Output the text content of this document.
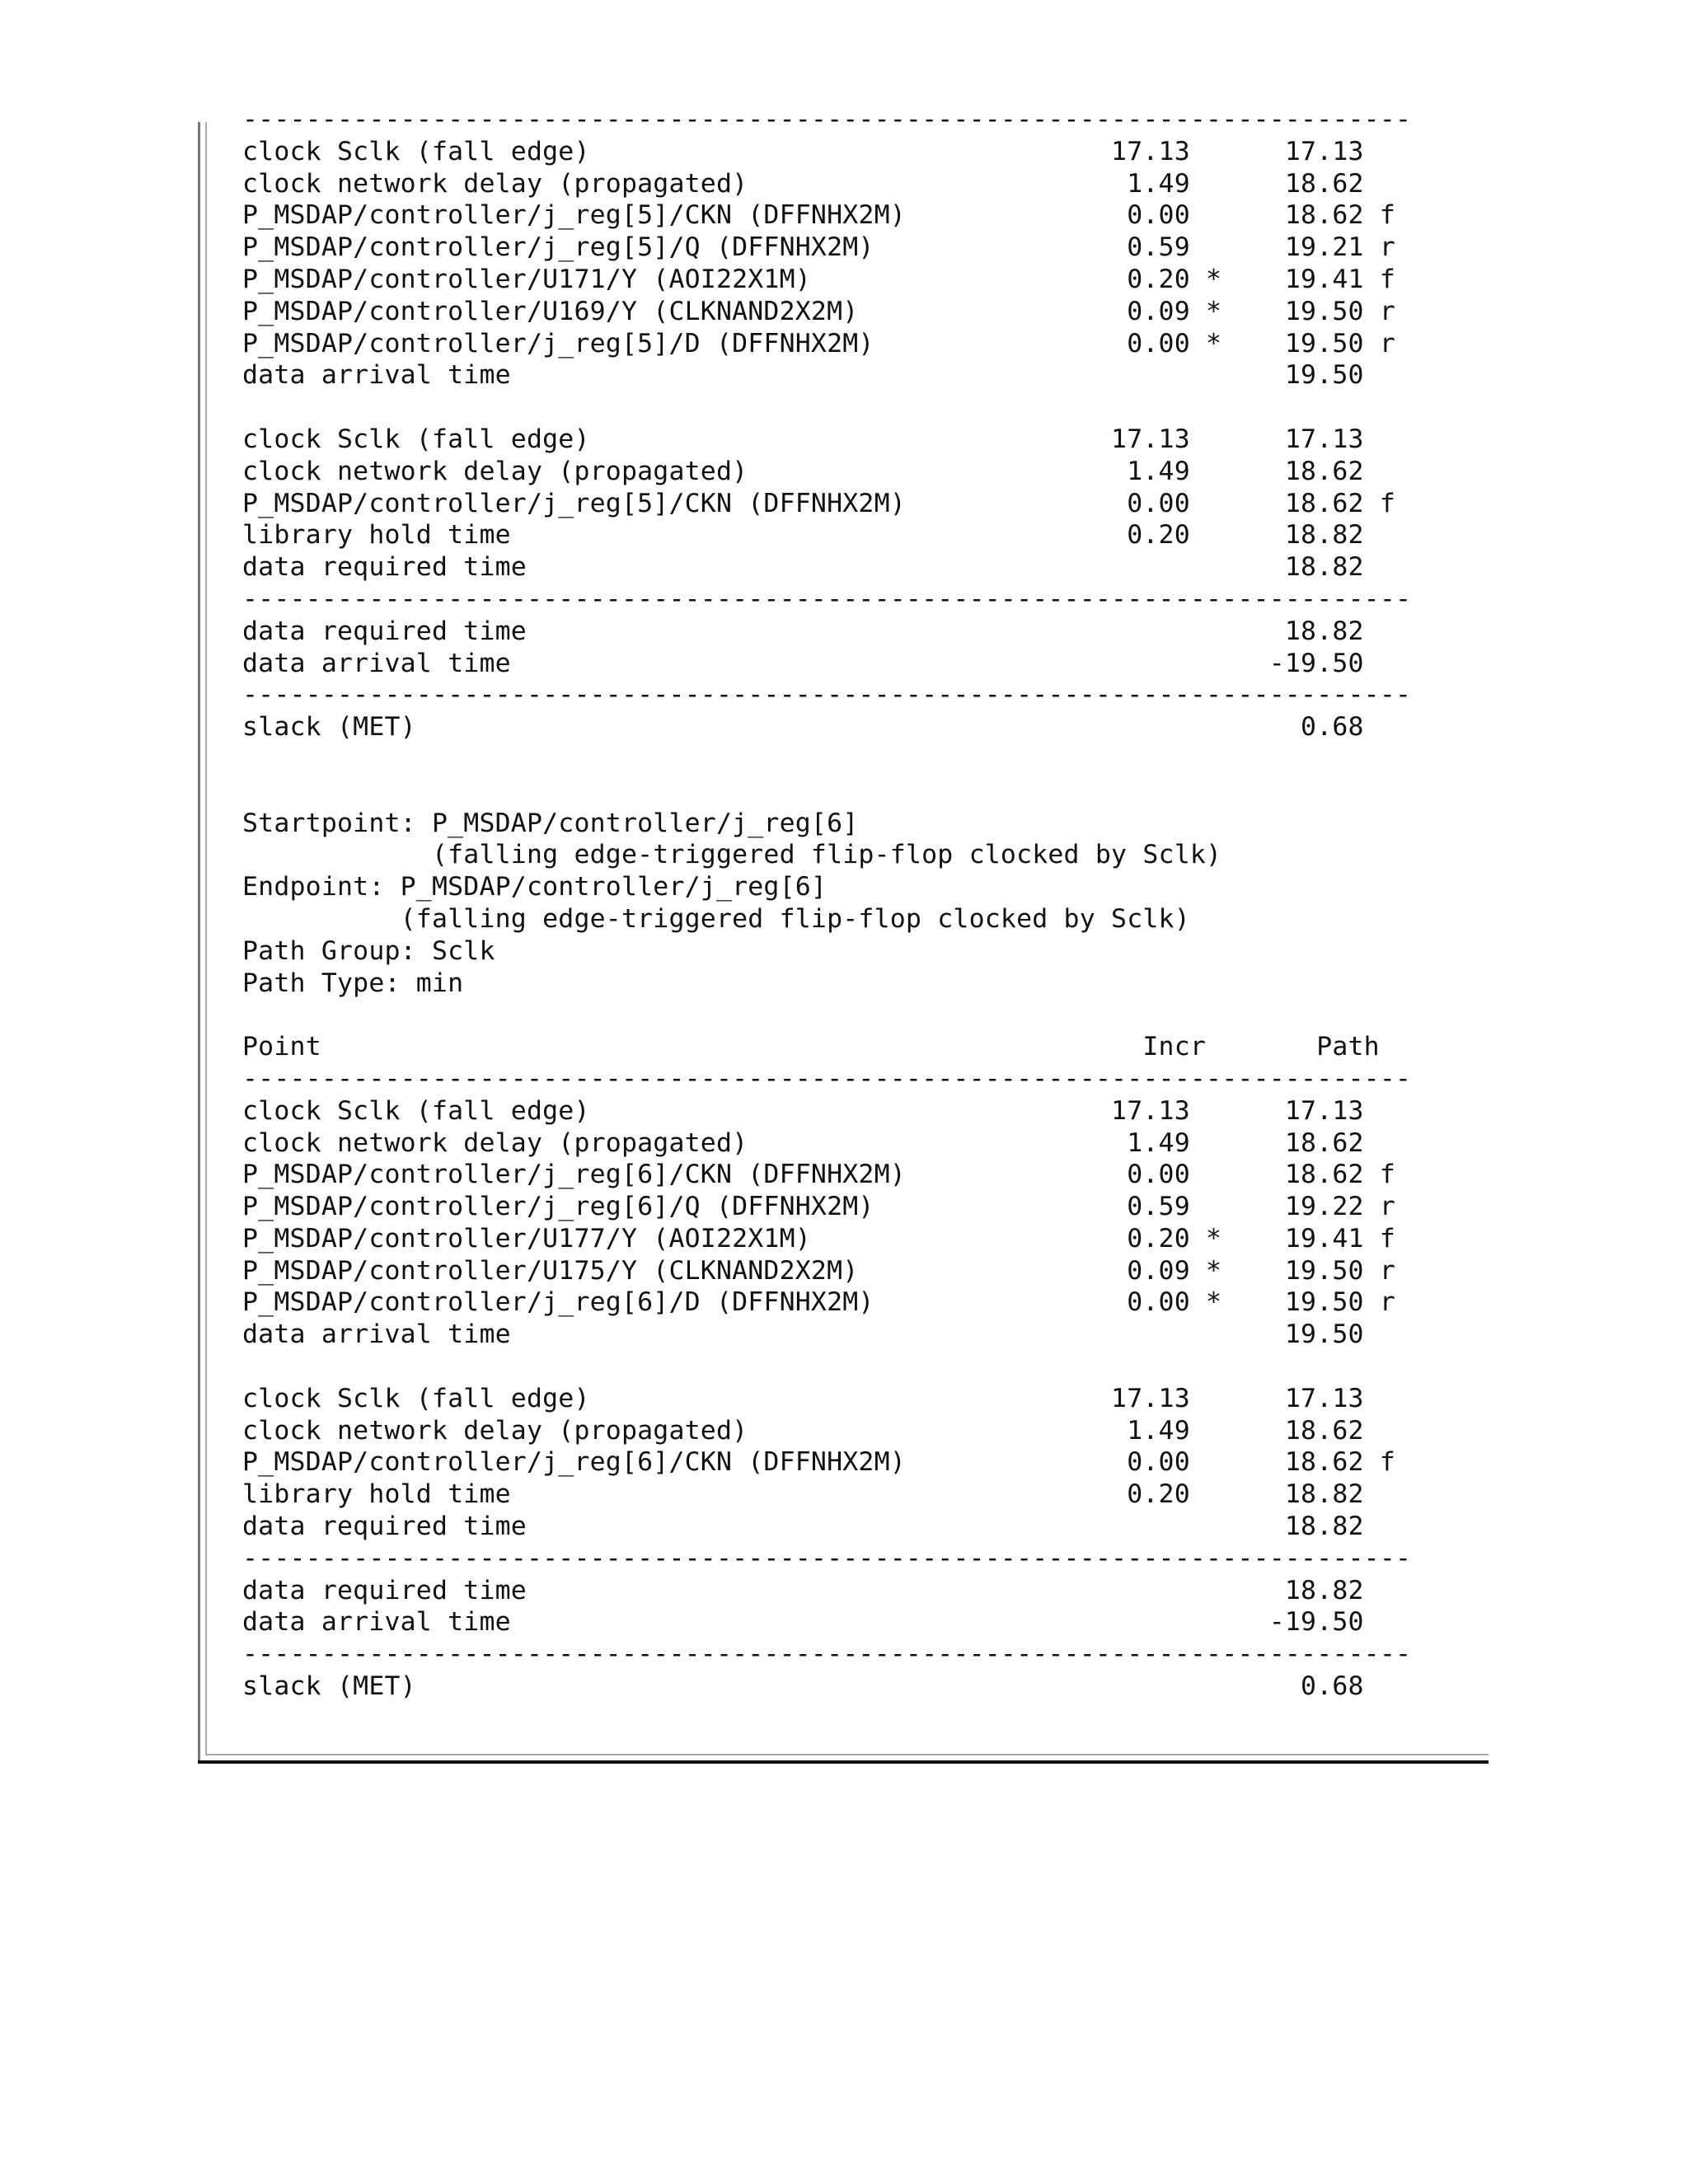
--------------------------------------------------------------------------
clock Sclk (fall edge)                                 17.13      17.13
clock network delay (propagated)                        1.49      18.62
P_MSDAP/controller/j_reg[5]/CKN (DFFNHX2M)              0.00      18.62 f
P_MSDAP/controller/j_reg[5]/Q (DFFNHX2M)                0.59      19.21 r
P_MSDAP/controller/U171/Y (AOI22X1M)                    0.20 *    19.41 f
P_MSDAP/controller/U169/Y (CLKNAND2X2M)                 0.09 *    19.50 r
P_MSDAP/controller/j_reg[5]/D (DFFNHX2M)                0.00 *    19.50 r
data arrival time                                                 19.50
clock Sclk (fall edge)                                 17.13      17.13
clock network delay (propagated)                        1.49      18.62
P_MSDAP/controller/j_reg[5]/CKN (DFFNHX2M)              0.00      18.62 f
library hold time                                       0.20      18.82
data required time                                                18.82
--------------------------------------------------------------------------
data required time                                                18.82
data arrival time                                                -19.50
--------------------------------------------------------------------------
slack (MET)                                                        0.68
Startpoint: P_MSDAP/controller/j_reg[6]
(falling edge-triggered flip-flop clocked by Sclk)
Endpoint: P_MSDAP/controller/j_reg[6]
(falling edge-triggered flip-flop clocked by Sclk)
Path Group: Sclk
Path Type: min
Point                                                    Incr       Path
--------------------------------------------------------------------------
clock Sclk (fall edge)                                 17.13      17.13
clock network delay (propagated)                        1.49      18.62
P_MSDAP/controller/j_reg[6]/CKN (DFFNHX2M)              0.00      18.62 f
P_MSDAP/controller/j_reg[6]/Q (DFFNHX2M)                0.59      19.22 r
P_MSDAP/controller/U177/Y (AOI22X1M)                    0.20 *    19.41 f
P_MSDAP/controller/U175/Y (CLKNAND2X2M)                 0.09 *    19.50 r
P_MSDAP/controller/j_reg[6]/D (DFFNHX2M)                0.00 *    19.50 r
data arrival time                                                 19.50
clock Sclk (fall edge)                                 17.13      17.13
clock network delay (propagated)                        1.49      18.62
P_MSDAP/controller/j_reg[6]/CKN (DFFNHX2M)              0.00      18.62 f
library hold time                                       0.20      18.82
data required time                                                18.82
--------------------------------------------------------------------------
data required time                                                18.82
data arrival time                                                -19.50
--------------------------------------------------------------------------
slack (MET)                                                        0.68
